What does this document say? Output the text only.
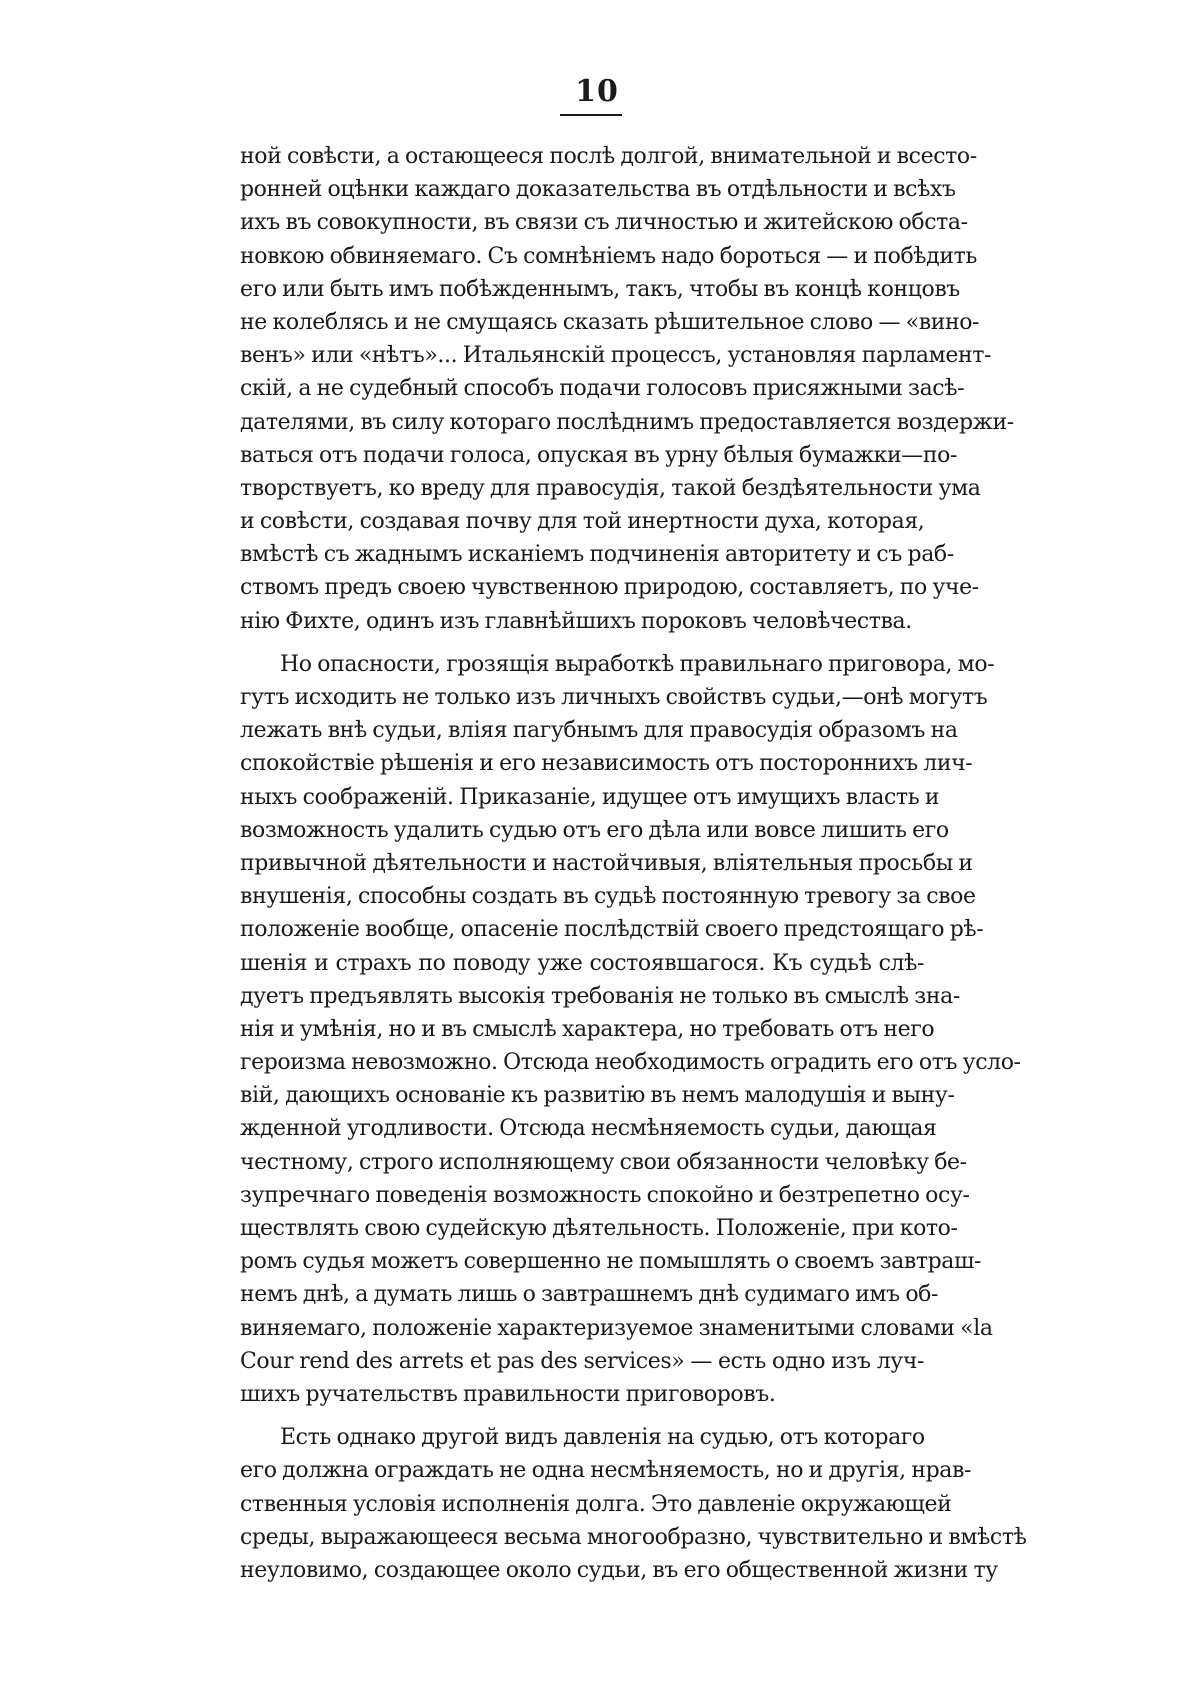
10
ной совѣсти, а остающееся послѣ долгой, внимательной и всесто-
ронней оцѣнки каждаго доказательства въ отдѣльности и всѣхъ
ихъ въ совокупности, въ связи съ личностью и житейскою обста-
новкою обвиняемаго. Съ сомнѣніемъ надо бороться — и побѣдить
его или быть имъ побѣжденнымъ, такъ, чтобы въ концѣ концовъ
не колеблясь и не смущаясь сказать рѣшительное слово — «вино-
венъ» или «нѣтъ»... Итальянскій процессъ, установляя парламент-
скій, а не судебный способъ подачи голосовъ присяжными засѣ-
дателями, въ силу котораго послѣднимъ предоставляется воздержи-
ваться отъ подачи голоса, опуская въ урну бѣлыя бумажки—по-
творствуетъ, ко вреду для правосудія, такой бездѣятельности ума
и совѣсти, создавая почву для той инертности духа, которая,
вмѣстѣ съ жаднымъ исканіемъ подчиненія авторитету и съ раб-
ствомъ предъ своею чувственною природою, составляетъ, по уче-
нію Фихте, одинъ изъ главнѣйшихъ пороковъ человѣчества.
Но опасности, грозящія выработкѣ правильнаго приговора, мо-
гутъ исходить не только изъ личныхъ свойствъ судьи,—онѣ могутъ
лежать внѣ судьи, вліяя пагубнымъ для правосудія образомъ на
спокойствіе рѣшенія и его независимость отъ постороннихъ лич-
ныхъ соображеній. Приказаніе, идущее отъ имущихъ власть и
возможность удалить судью отъ его дѣла или вовсе лишить его
привычной дѣятельности и настойчивыя, вліятельныя просьбы и
внушенія, способны создать въ судьѣ постоянную тревогу за свое
положеніе вообще, опасеніе послѣдствій своего предстоящаго рѣ-
шенія и страхъ по поводу уже состоявшагося. Къ судьѣ слѣ-
дуетъ предъявлять высокія требованія не только въ смыслѣ зна-
нія и умѣнія, но и въ смыслѣ характера, но требовать отъ него
героизма невозможно. Отсюда необходимость оградить его отъ усло-
вій, дающихъ основаніе къ развитію въ немъ малодушія и выну-
жденной угодливости. Отсюда несмѣняемость судьи, дающая
честному, строго исполняющему свои обязанности человѣку бе-
зупречнаго поведенія возможность спокойно и безтрепетно осу-
ществлять свою судейскую дѣятельность. Положеніе, при кото-
ромъ судья можетъ совершенно не помышлять о своемъ завтраш-
немъ днѣ, а думать лишь о завтрашнемъ днѣ судимаго имъ об-
виняемаго, положеніе характеризуемое знаменитыми словами «la
Cour rend des arrets et pas des services» — есть одно изъ луч-
шихъ ручательствъ правильности приговоровъ.
Есть однако другой видъ давленія на судью, отъ котораго
его должна ограждать не одна несмѣняемость, но и другія, нрав-
ственныя условія исполненія долга. Это давленіе окружающей
среды, выражающееся весьма многообразно, чувствительно и вмѣстѣ
неуловимо, создающее около судьи, въ его общественной жизни ту
